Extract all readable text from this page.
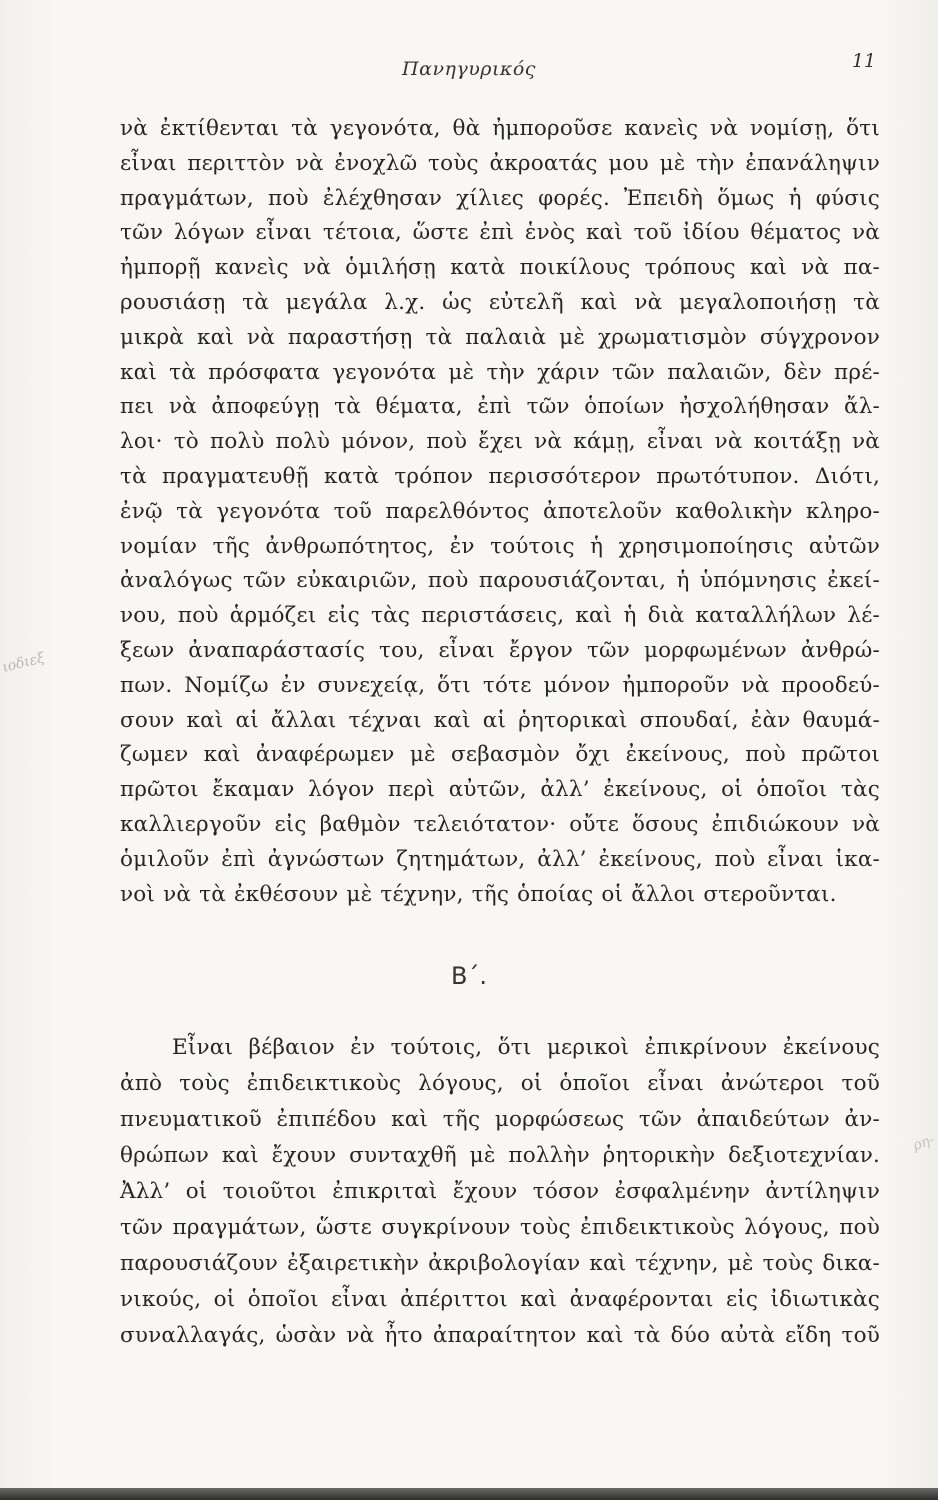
Πανηγυρικός	11
νὰ ἐκτίθενται τὰ γεγονότα, θὰ ἠμποροῦσε κανεὶς νὰ νομίσῃ, ὅτι
εἶναι περιττὸν νὰ ἐνοχλῶ τοὺς ἀκροατάς μου μὲ τὴν ἐπανάληψιν
πραγμάτων, ποὺ ἐλέχθησαν χίλιες φορές. Ἐπειδὴ ὅμως ἡ φύσις
τῶν λόγων εἶναι τέτοια, ὥστε ἐπὶ ἑνὸς καὶ τοῦ ἰδίου θέματος νὰ
ἠμπορῇ κανεὶς νὰ ὁμιλήσῃ κατὰ ποικίλους τρόπους καὶ νὰ πα-
ρουσιάσῃ τὰ μεγάλα λ.χ. ὡς εὐτελῆ καὶ νὰ μεγαλοποιήσῃ τὰ
μικρὰ καὶ νὰ παραστήσῃ τὰ παλαιὰ μὲ χρωματισμὸν σύγχρονον
καὶ τὰ πρόσφατα γεγονότα μὲ τὴν χάριν τῶν παλαιῶν, δὲν πρέ-
πει νὰ ἀποφεύγῃ τὰ θέματα, ἐπὶ τῶν ὁποίων ἠσχολήθησαν ἄλ-
λοι· τὸ πολὺ πολὺ μόνον, ποὺ ἔχει νὰ κάμῃ, εἶναι νὰ κοιτάξῃ νὰ
τὰ πραγματευθῇ κατὰ τρόπον περισσότερον πρωτότυπον. Διότι,
ἐνῷ τὰ γεγονότα τοῦ παρελθόντος ἀποτελοῦν καθολικὴν κληρο-
νομίαν τῆς ἀνθρωπότητος, ἐν τούτοις ἡ χρησιμοποίησις αὐτῶν
ἀναλόγως τῶν εὐκαιριῶν, ποὺ παρουσιάζονται, ἡ ὑπόμνησις ἐκεί-
νου, ποὺ ἁρμόζει εἰς τὰς περιστάσεις, καὶ ἡ διὰ καταλλήλων λέ-
ξεων ἀναπαράστασίς του, εἶναι ἔργον τῶν μορφωμένων ἀνθρώ-
πων. Νομίζω ἐν συνεχείᾳ, ὅτι τότε μόνον ἠμποροῦν νὰ προοδεύ-
σουν καὶ αἱ ἄλλαι τέχναι καὶ αἱ ῥητορικαὶ σπουδαί, ἐὰν θαυμά-
ζωμεν καὶ ἀναφέρωμεν μὲ σεβασμὸν ὄχι ἐκείνους, ποὺ πρῶτοι
πρῶτοι ἔκαμαν λόγον περὶ αὐτῶν, ἀλλ’ ἐκείνους, οἱ ὁποῖοι τὰς
καλλιεργοῦν εἰς βαθμὸν τελειότατον· οὔτε ὅσους ἐπιδιώκουν νὰ
ὁμιλοῦν ἐπὶ ἀγνώστων ζητημάτων, ἀλλ’ ἐκείνους, ποὺ εἶναι ἱκα-
νοὶ νὰ τὰ ἐκθέσουν μὲ τέχνην, τῆς ὁποίας οἱ ἄλλοι στεροῦνται.
B΄.
Εἶναι βέβαιον ἐν τούτοις, ὅτι μερικοὶ ἐπικρίνουν ἐκείνους
ἀπὸ τοὺς ἐπιδεικτικοὺς λόγους, οἱ ὁποῖοι εἶναι ἀνώτεροι τοῦ
πνευματικοῦ ἐπιπέδου καὶ τῆς μορφώσεως τῶν ἀπαιδεύτων ἀν-
θρώπων καὶ ἔχουν συνταχθῆ μὲ πολλὴν ῥητορικὴν δεξιοτεχνίαν.
Ἀλλ’ οἱ τοιοῦτοι ἐπικριταὶ ἔχουν τόσον ἐσφαλμένην ἀντίληψιν
τῶν πραγμάτων, ὥστε συγκρίνουν τοὺς ἐπιδεικτικοὺς λόγους, ποὺ
παρουσιάζουν ἐξαιρετικὴν ἀκριβολογίαν καὶ τέχνην, μὲ τοὺς δικα-
νικούς, οἱ ὁποῖοι εἶναι ἀπέριττοι καὶ ἀναφέρονται εἰς ἰδιωτικὰς
συναλλαγάς, ὡσὰν νὰ ἦτο ἀπαραίτητον καὶ τὰ δύο αὐτὰ εἴδη τοῦ
ιοδιεξ
ρη-
